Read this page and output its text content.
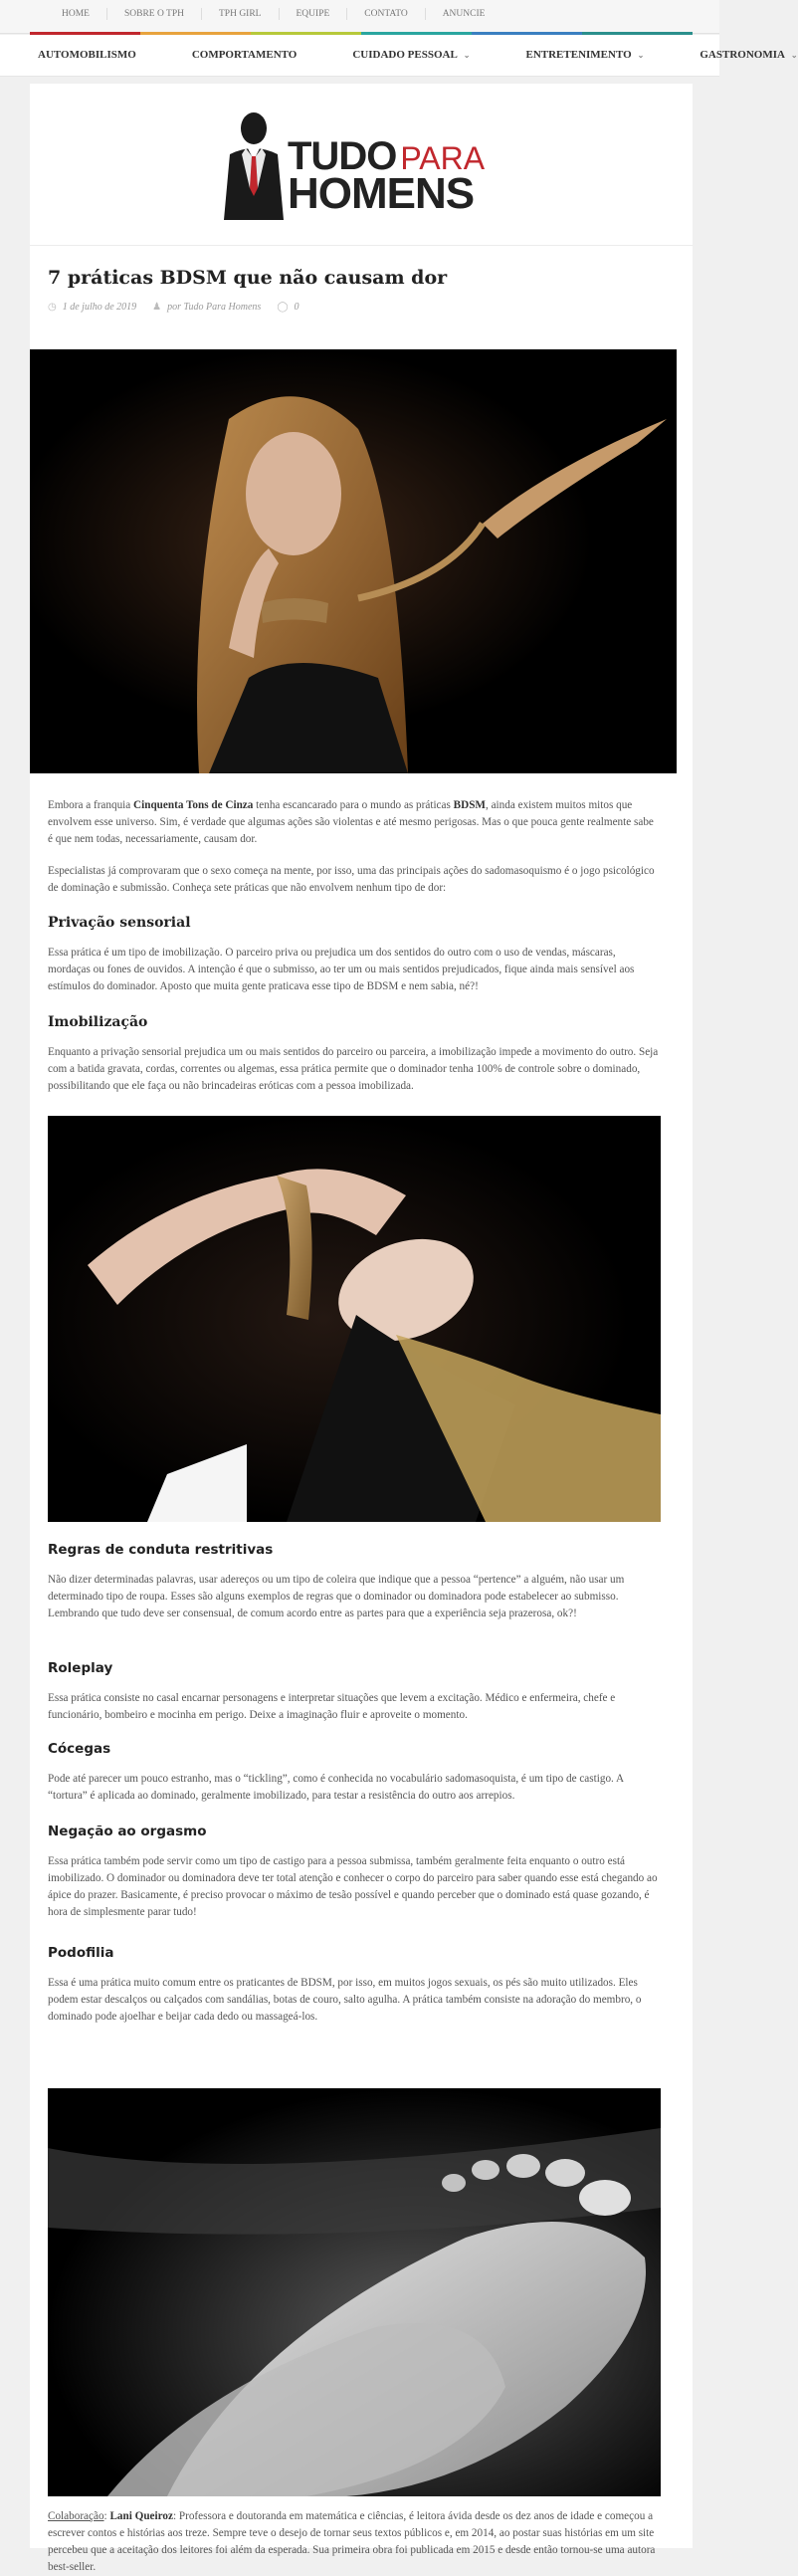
HOME	SOBRE O TPH	TPH GIRL	EQUIPE	CONTATO	ANUNCIE
AUTOMOBILISMO	COMPORTAMENTO	CUIDADO PESSOAL ⌄	ENTRETENIMENTO ⌄	GASTRONOMIA ⌄
TUDO PARA
HOMENS
7 práticas BDSM que não causam dor
◷ 1 de julho de 2019 ♟ por Tudo Para Homens ◯ 0
Embora a franquia Cinquenta Tons de Cinza tenha escancarado para o mundo as práticas BDSM, ainda existem muitos mitos que envolvem esse universo. Sim, é verdade que algumas ações são violentas e até mesmo perigosas. Mas o que pouca gente realmente sabe é que nem todas, necessariamente, causam dor.
Especialistas já comprovaram que o sexo começa na mente, por isso, uma das principais ações do sadomasoquismo é o jogo psicológico de dominação e submissão. Conheça sete práticas que não envolvem nenhum tipo de dor:
Privação sensorial
Essa prática é um tipo de imobilização. O parceiro priva ou prejudica um dos sentidos do outro com o uso de vendas, máscaras, mordaças ou fones de ouvidos. A intenção é que o submisso, ao ter um ou mais sentidos prejudicados, fique ainda mais sensível aos estímulos do dominador. Aposto que muita gente praticava esse tipo de BDSM e nem sabia, né?!
Imobilização
Enquanto a privação sensorial prejudica um ou mais sentidos do parceiro ou parceira, a imobilização impede a movimento do outro. Seja com a batida gravata, cordas, correntes ou algemas, essa prática permite que o dominador tenha 100% de controle sobre o dominado, possibilitando que ele faça ou não brincadeiras eróticas com a pessoa imobilizada.
Regras de conduta restritivas
Não dizer determinadas palavras, usar adereços ou um tipo de coleira que indique que a pessoa “pertence” a alguém, não usar um determinado tipo de roupa. Esses são alguns exemplos de regras que o dominador ou dominadora pode estabelecer ao submisso. Lembrando que tudo deve ser consensual, de comum acordo entre as partes para que a experiência seja prazerosa, ok?!
Roleplay
Essa prática consiste no casal encarnar personagens e interpretar situações que levem a excitação. Médico e enfermeira, chefe e funcionário, bombeiro e mocinha em perigo. Deixe a imaginação fluir e aproveite o momento.
Cócegas
Pode até parecer um pouco estranho, mas o “tickling”, como é conhecida no vocabulário sadomasoquista, é um tipo de castigo. A “tortura” é aplicada ao dominado, geralmente imobilizado, para testar a resistência do outro aos arrepios.
Negação ao orgasmo
Essa prática também pode servir como um tipo de castigo para a pessoa submissa, também geralmente feita enquanto o outro está imobilizado. O dominador ou dominadora deve ter total atenção e conhecer o corpo do parceiro para saber quando esse está chegando ao ápice do prazer. Basicamente, é preciso provocar o máximo de tesão possível e quando perceber que o dominado está quase gozando, é hora de simplesmente parar tudo!
Podofilia
Essa é uma prática muito comum entre os praticantes de BDSM, por isso, em muitos jogos sexuais, os pés são muito utilizados. Eles podem estar descalços ou calçados com sandálias, botas de couro, salto agulha. A prática também consiste na adoração do membro, o dominado pode ajoelhar e beijar cada dedo ou massageá-los.
Colaboração: Lani Queiroz: Professora e doutoranda em matemática e ciências, é leitora ávida desde os dez anos de idade e começou a escrever contos e histórias aos treze. Sempre teve o desejo de tornar seus textos públicos e, em 2014, ao postar suas histórias em um site percebeu que a aceitação dos leitores foi além da esperada. Sua primeira obra foi publicada em 2015 e desde então tornou-se uma autora best-seller.
